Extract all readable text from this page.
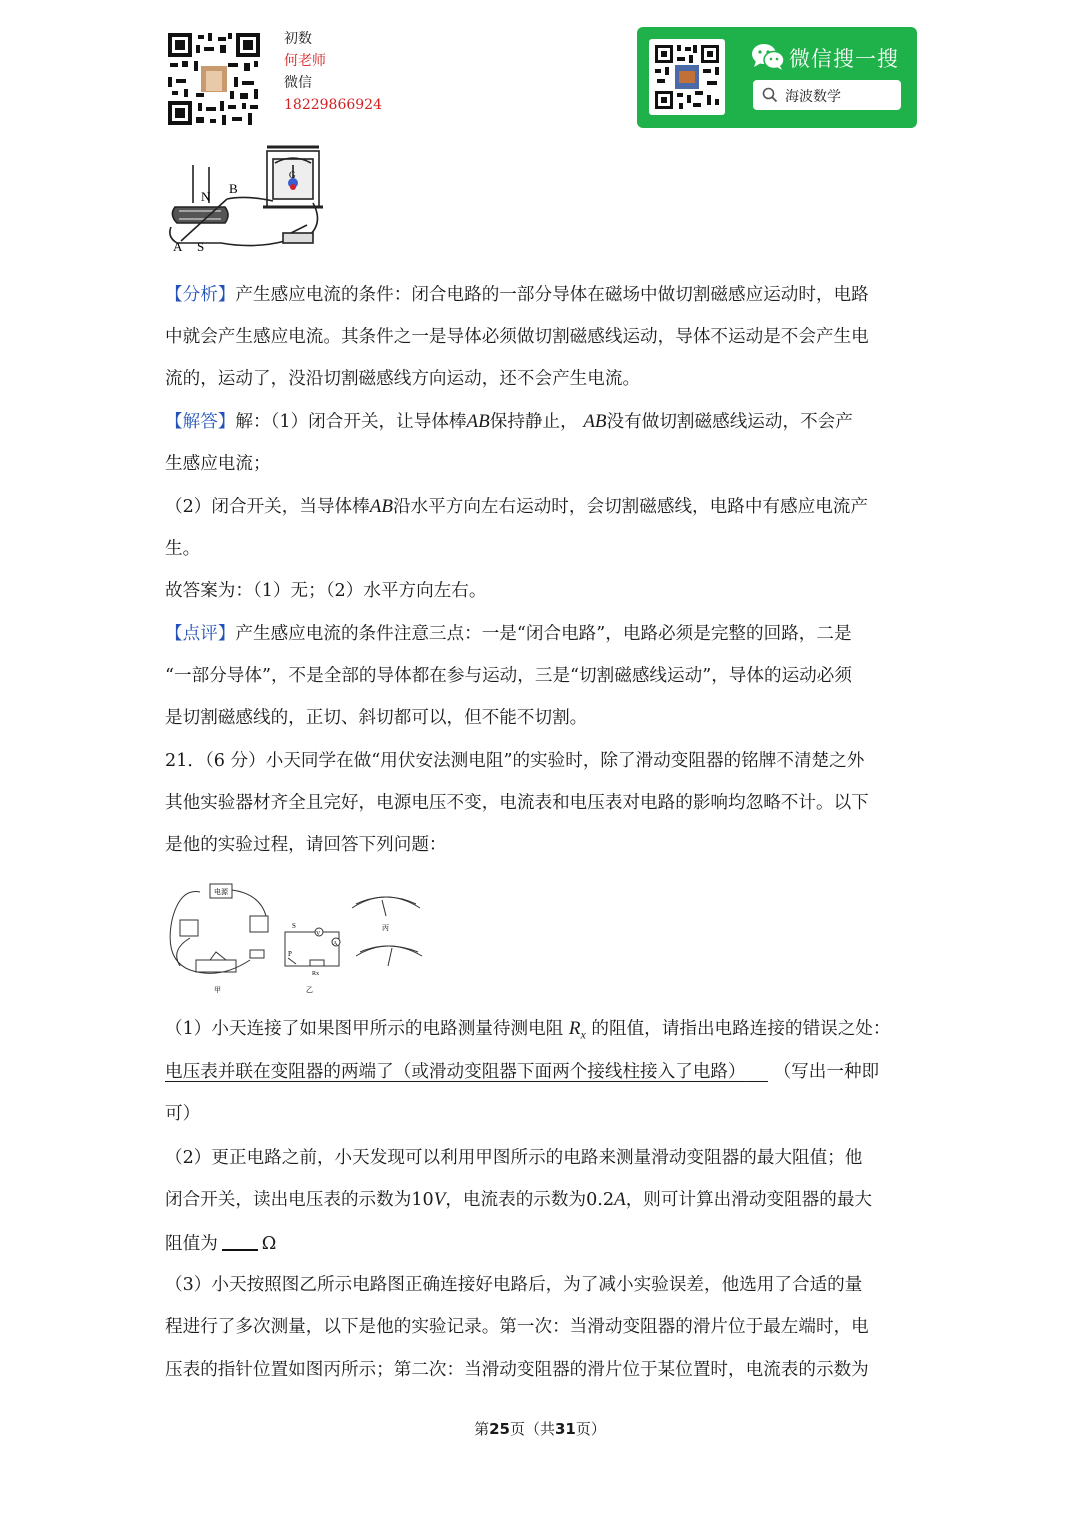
初数
何老师
微信
18229866924
微信搜一搜
海波数学
N
B
A S
G
【分析】产生感应电流的条件：闭合电路的一部分导体在磁场中做切割磁感应运动时，电路
中就会产生感应电流。其条件之一是导体必须做切割磁感线运动，导体不运动是不会产生电
流的，运动了，没沿切割磁感线方向运动，还不会产生电流。
【解答】解：（1）闭合开关，让导体棒AB保持静止， AB没有做切割磁感线运动，不会产
生感应电流；
（2）闭合开关，当导体棒AB沿水平方向左右运动时，会切割磁感线，电路中有感应电流产
生。
故答案为：（1）无；（2）水平方向左右。
【点评】产生感应电流的条件注意三点：一是“闭合电路”，电路必须是完整的回路，二是
“一部分导体”，不是全部的导体都在参与运动，三是“切割磁感线运动”，导体的运动必须
是切割磁感线的，正切、斜切都可以，但不能不切割。
21．（6 分）小天同学在做“用伏安法测电阻”的实验时，除了滑动变阻器的铭牌不清楚之外
其他实验器材齐全且完好，电源电压不变，电流表和电压表对电路的影响均忽略不计。以下
是他的实验过程，请回答下列问题：
电源
甲	乙
丙
S
P
V
A
Rx
（1）小天连接了如果图甲所示的电路测量待测电阻 $R_x$ 的阻值，请指出电路连接的错误之处：
电压表并联在变阻器的两端了（或滑动变阻器下面两个接线柱接入了电路） （写出一种即
可）
（2）更正电路之前，小天发现可以利用甲图所示的电路来测量滑动变阻器的最大阻值；他
闭合开关，读出电压表的示数为10V，电流表的示数为0.2A，则可计算出滑动变阻器的最大
阻值为	Ω
（3）小天按照图乙所示电路图正确连接好电路后，为了减小实验误差，他选用了合适的量
程进行了多次测量，以下是他的实验记录。第一次：当滑动变阻器的滑片位于最左端时，电
压表的指针位置如图丙所示；第二次：当滑动变阻器的滑片位于某位置时，电流表的示数为
第25页（共31页）
